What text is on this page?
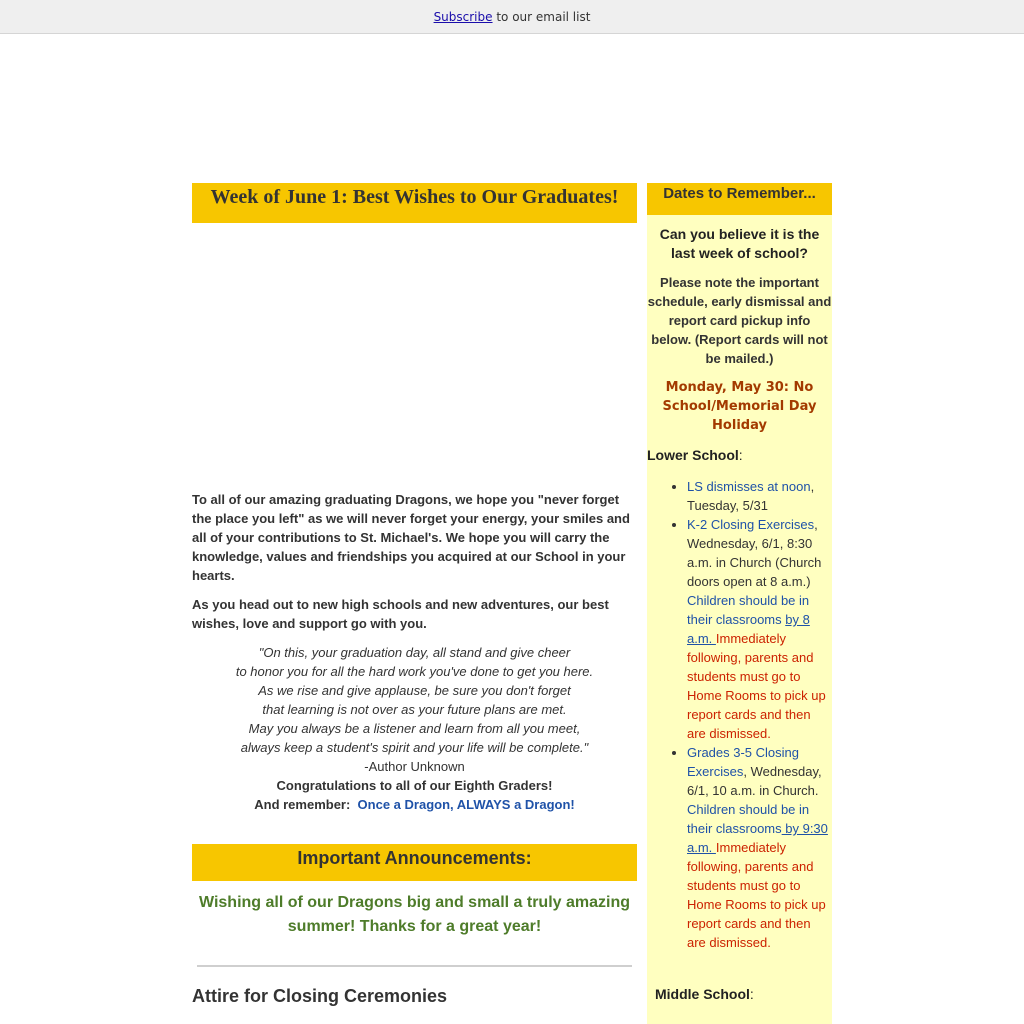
Subscribe to our email list
Week of June 1: Best Wishes to Our Graduates!

To all of our amazing graduating Dragons, we hope you "never forget the place you left" as we will never forget your energy, your smiles and all of your contributions to St. Michael's. We hope you will carry the knowledge, values and friendships you acquired at our School in your hearts.

As you head out to new high schools and new adventures, our best wishes, love and support go with you.

"On this, your graduation day, all stand and give cheer
to honor you for all the hard work you've done to get you here.
As we rise and give applause, be sure you don't forget
that learning is not over as your future plans are met.
May you always be a listener and learn from all you meet,
always keep a student's spirit and your life will be complete."
-Author Unknown
Congratulations to all of our Eighth Graders!
And remember: Once a Dragon, ALWAYS a Dragon!
Important Announcements:
Wishing all of our Dragons big and small a truly amazing summer! Thanks for a great year!
Attire for Closing Ceremonies
Dates to Remember...
Can you believe it is the last week of school?
Please note the important schedule, early dismissal and report card pickup info below. (Report cards will not be mailed.)
Monday, May 30: No School/Memorial Day Holiday
Lower School:
• LS dismisses at noon, Tuesday, 5/31
• K-2 Closing Exercises, Wednesday, 6/1, 8:30 a.m. in Church (Church doors open at 8 a.m.) Children should be in their classrooms by 8 a.m. Immediately following, parents and students must go to Home Rooms to pick up report cards and then are dismissed.
• Grades 3-5 Closing Exercises, Wednesday, 6/1, 10 a.m. in Church. Children should be in their classrooms by 9:30 a.m. Immediately following, parents and students must go to Home Rooms to pick up report cards and then are dismissed.
Middle School:
